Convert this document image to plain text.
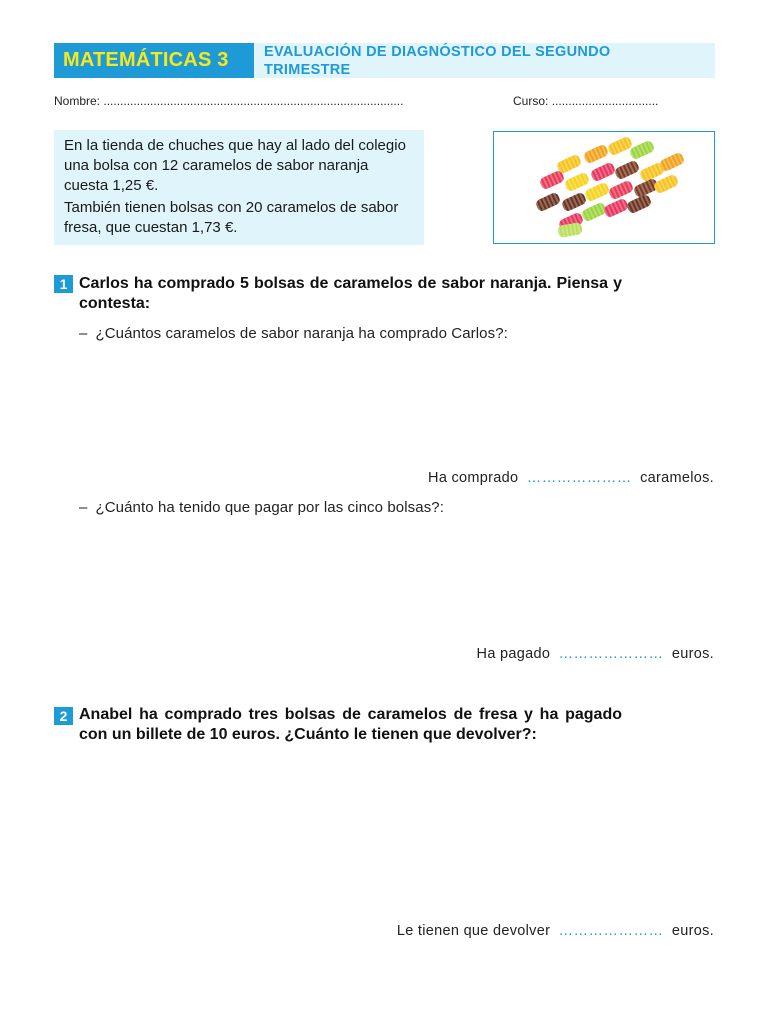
MATEMÁTICAS 3	EVALUACIÓN DE DIAGNÓSTICO DEL SEGUNDO TRIMESTRE
Nombre: ..........................................................................................	Curso: ................................

En la tienda de chuches que hay al lado del colegio una bolsa con 12 caramelos de sabor naranja cuesta 1,25 €.

También tienen bolsas con 20 caramelos de sabor fresa, que cuestan 1,73 €.

1 Carlos ha comprado 5 bolsas de caramelos de sabor naranja. Piensa y contesta:
– ¿Cuántos caramelos de sabor naranja ha comprado Carlos?:
Ha comprado ………………… caramelos.
– ¿Cuánto ha tenido que pagar por las cinco bolsas?:
Ha pagado ………………… euros.
2 Anabel ha comprado tres bolsas de caramelos de fresa y ha pagado con un billete de 10 euros. ¿Cuánto le tienen que devolver?:
Le tienen que devolver ………………… euros.
